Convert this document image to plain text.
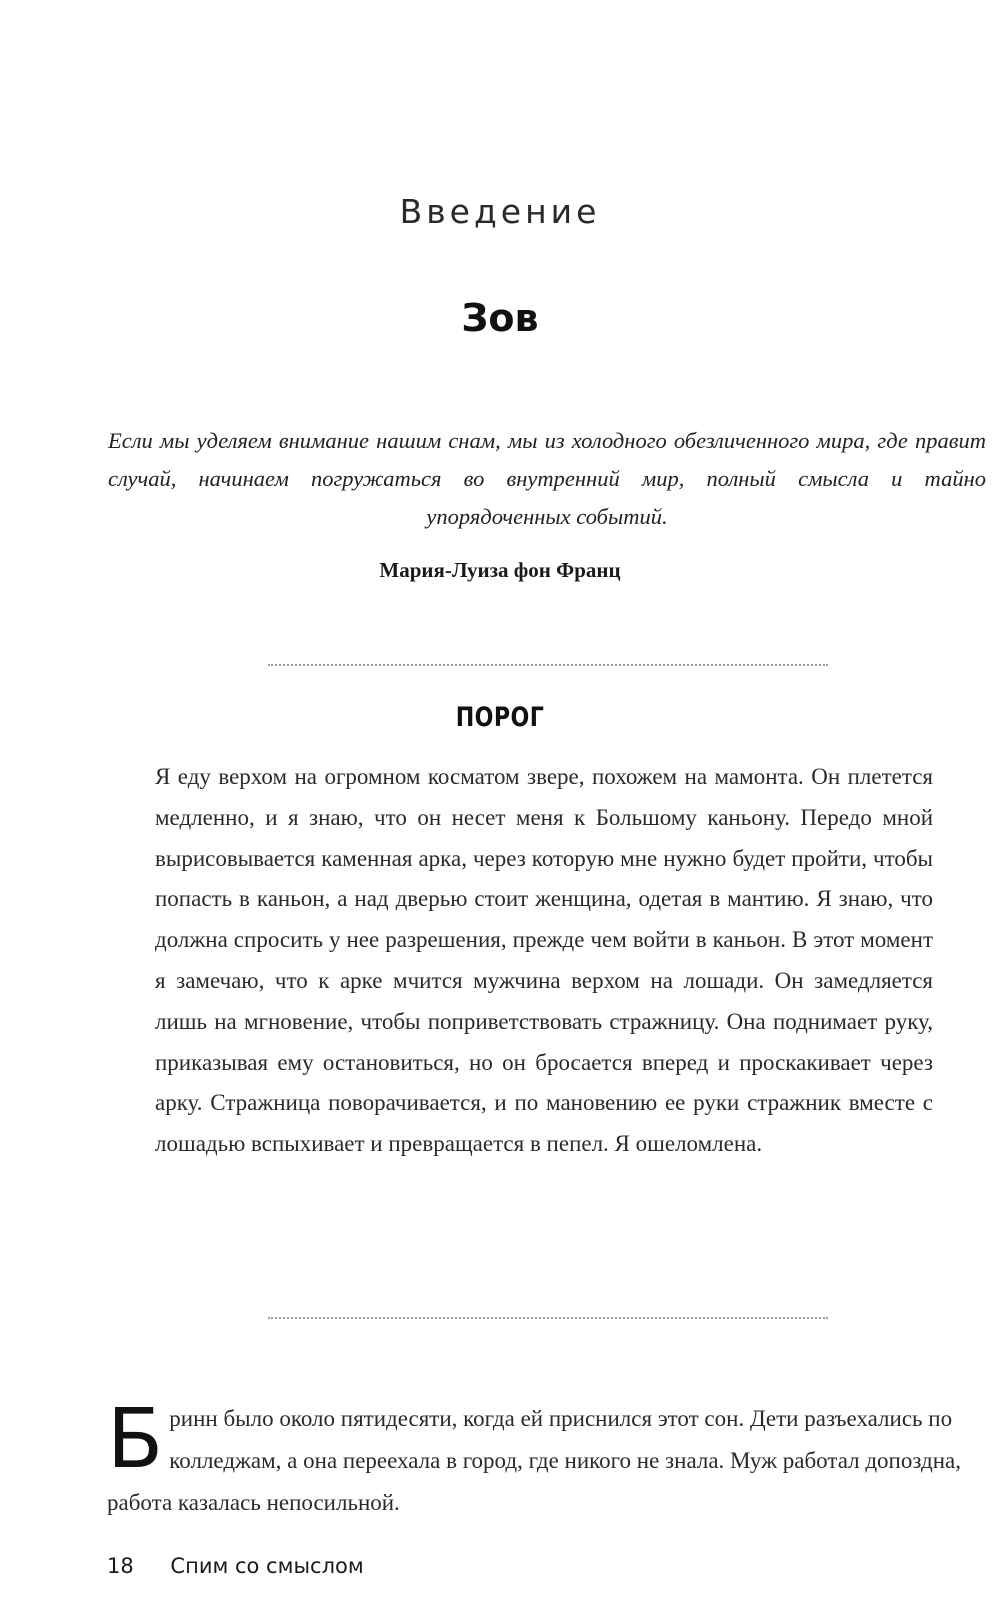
Введение
Зов

Если мы уделяем внимание нашим снам, мы из холодного обезличенного мира, где правит случай, начинаем погружаться во внутренний мир, полный смысла и тайно упорядоченных событий.

Мария-Луиза фон Франц
ПОРОГ

Я еду верхом на огромном косматом звере, похожем на мамонта. Он плетется медленно, и я знаю, что он несет меня к Большому каньону. Передо мной вырисовывается каменная арка, через которую мне нужно будет пройти, чтобы попасть в каньон, а над дверью стоит женщина, одетая в мантию. Я знаю, что должна спросить у нее разрешения, прежде чем войти в каньон. В этот момент я замечаю, что к арке мчится мужчина верхом на лошади. Он замедляется лишь на мгновение, чтобы поприветствовать стражницу. Она поднимает руку, приказывая ему остановиться, но он бросается вперед и проскакивает через арку. Стражница поворачивается, и по мановению ее руки стражник вместе с лошадью вспыхивает и превращается в пепел. Я ошеломлена.

Бринн было около пятидесяти, когда ей приснился этот сон. Дети разъехались по колледжам, а она переехала в город, где никого не знала. Муж работал допоздна, работа казалась непосильной.

18 Спим со смыслом
